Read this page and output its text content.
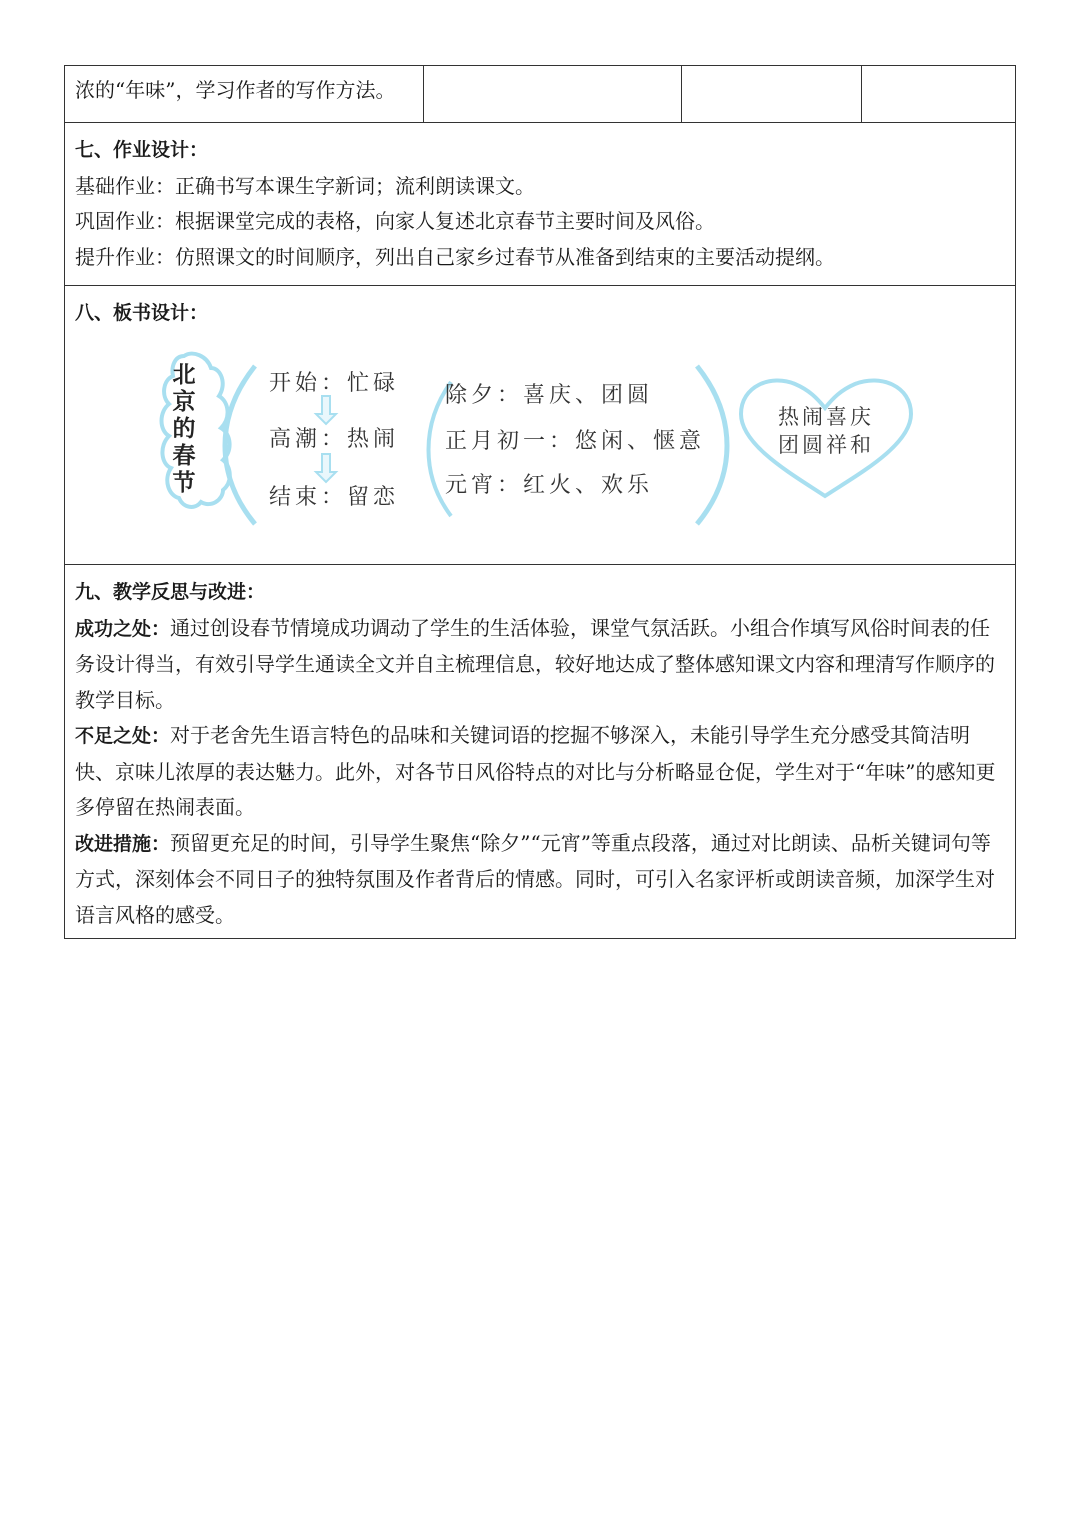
浓的“年味”，学习作者的写作方法。

七、作业设计：

基础作业：正确书写本课生字新词；流利朗读课文。

巩固作业：根据课堂完成的表格，向家人复述北京春节主要时间及风俗。

提升作业：仿照课文的时间顺序，列出自己家乡过春节从准备到结束的主要活动提纲。

八、板书设计：

北
京
的
春
节
开始：忙碌
高潮：热闹
结束：留恋
除夕：喜庆、团圆
正月初一：悠闲、惬意
元宵：红火、欢乐
热闹喜庆
团圆祥和

九、教学反思与改进：

成功之处：通过创设春节情境成功调动了学生的生活体验，课堂气氛活跃。小组合作填写风俗时间表的任务设计得当，有效引导学生通读全文并自主梳理信息，较好地达成了整体感知课文内容和理清写作顺序的教学目标。

不足之处：对于老舍先生语言特色的品味和关键词语的挖掘不够深入，未能引导学生充分感受其简洁明快、京味儿浓厚的表达魅力。此外，对各节日风俗特点的对比与分析略显仓促，学生对于“年味”的感知更多停留在热闹表面。

改进措施：预留更充足的时间，引导学生聚焦“除夕”“元宵”等重点段落，通过对比朗读、品析关键词句等方式，深刻体会不同日子的独特氛围及作者背后的情感。同时，可引入名家评析或朗读音频，加深学生对语言风格的感受。
